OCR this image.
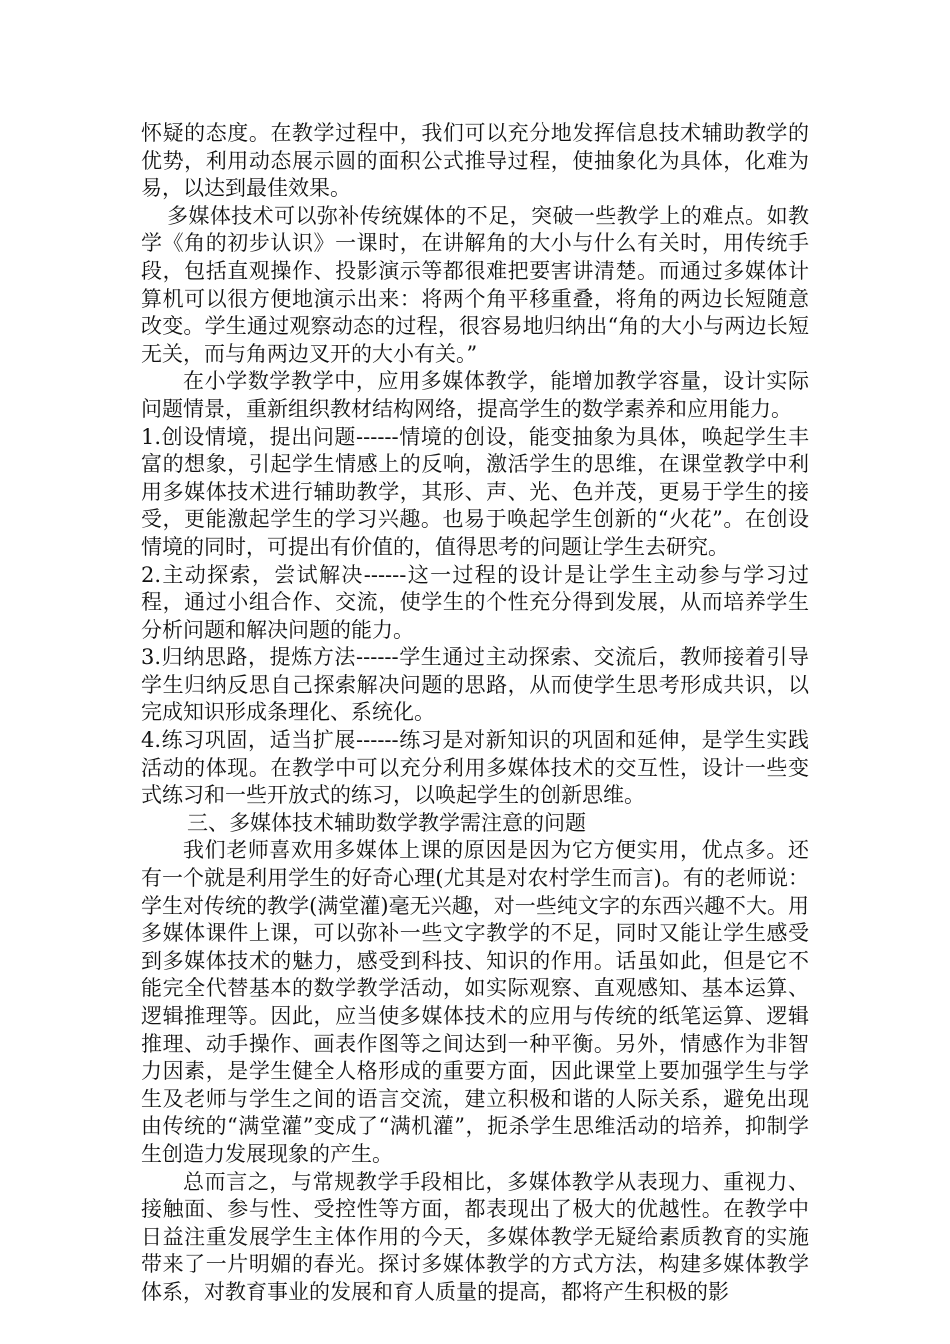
怀疑的态度。在教学过程中，我们可以充分地发挥信息技术辅助教学的优势，利用动态展示圆的面积公式推导过程，使抽象化为具体，化难为易，以达到最佳效果。

多媒体技术可以弥补传统媒体的不足，突破一些教学上的难点。如教学《角的初步认识》一课时，在讲解角的大小与什么有关时，用传统手段，包括直观操作、投影演示等都很难把要害讲清楚。而通过多媒体计算机可以很方便地演示出来：将两个角平移重叠，将角的两边长短随意改变。学生通过观察动态的过程，很容易地归纳出“角的大小与两边长短无关，而与角两边叉开的大小有关。”

在小学数学教学中，应用多媒体教学，能增加教学容量，设计实际问题情景，重新组织教材结构网络，提高学生的数学素养和应用能力。

1.创设情境，提出问题------情境的创设，能变抽象为具体，唤起学生丰富的想象，引起学生情感上的反响，激活学生的思维，在课堂教学中利用多媒体技术进行辅助教学，其形、声、光、色并茂，更易于学生的接受，更能激起学生的学习兴趣。也易于唤起学生创新的“火花”。在创设情境的同时，可提出有价值的，值得思考的问题让学生去研究。

2.主动探索，尝试解决------这一过程的设计是让学生主动参与学习过程，通过小组合作、交流，使学生的个性充分得到发展，从而培养学生分析问题和解决问题的能力。

3.归纳思路，提炼方法------学生通过主动探索、交流后，教师接着引导学生归纳反思自己探索解决问题的思路，从而使学生思考形成共识，以完成知识形成条理化、系统化。

4.练习巩固，适当扩展------练习是对新知识的巩固和延伸，是学生实践活动的体现。在教学中可以充分利用多媒体技术的交互性，设计一些变式练习和一些开放式的练习，以唤起学生的创新思维。

三、多媒体技术辅助数学教学需注意的问题

我们老师喜欢用多媒体上课的原因是因为它方便实用，优点多。还有一个就是利用学生的好奇心理(尤其是对农村学生而言)。有的老师说：学生对传统的教学(满堂灌)毫无兴趣，对一些纯文字的东西兴趣不大。用多媒体课件上课，可以弥补一些文字教学的不足，同时又能让学生感受到多媒体技术的魅力，感受到科技、知识的作用。话虽如此，但是它不能完全代替基本的数学教学活动，如实际观察、直观感知、基本运算、逻辑推理等。因此，应当使多媒体技术的应用与传统的纸笔运算、逻辑推理、动手操作、画表作图等之间达到一种平衡。另外，情感作为非智力因素，是学生健全人格形成的重要方面，因此课堂上要加强学生与学生及老师与学生之间的语言交流，建立积极和谐的人际关系，避免出现由传统的“满堂灌”变成了“满机灌”，扼杀学生思维活动的培养，抑制学生创造力发展现象的产生。

总而言之，与常规教学手段相比，多媒体教学从表现力、重视力、接触面、参与性、受控性等方面，都表现出了极大的优越性。在教学中日益注重发展学生主体作用的今天，多媒体教学无疑给素质教育的实施带来了一片明媚的春光。探讨多媒体教学的方式方法，构建多媒体教学体系，对教育事业的发展和育人质量的提高，都将产生积极的影
